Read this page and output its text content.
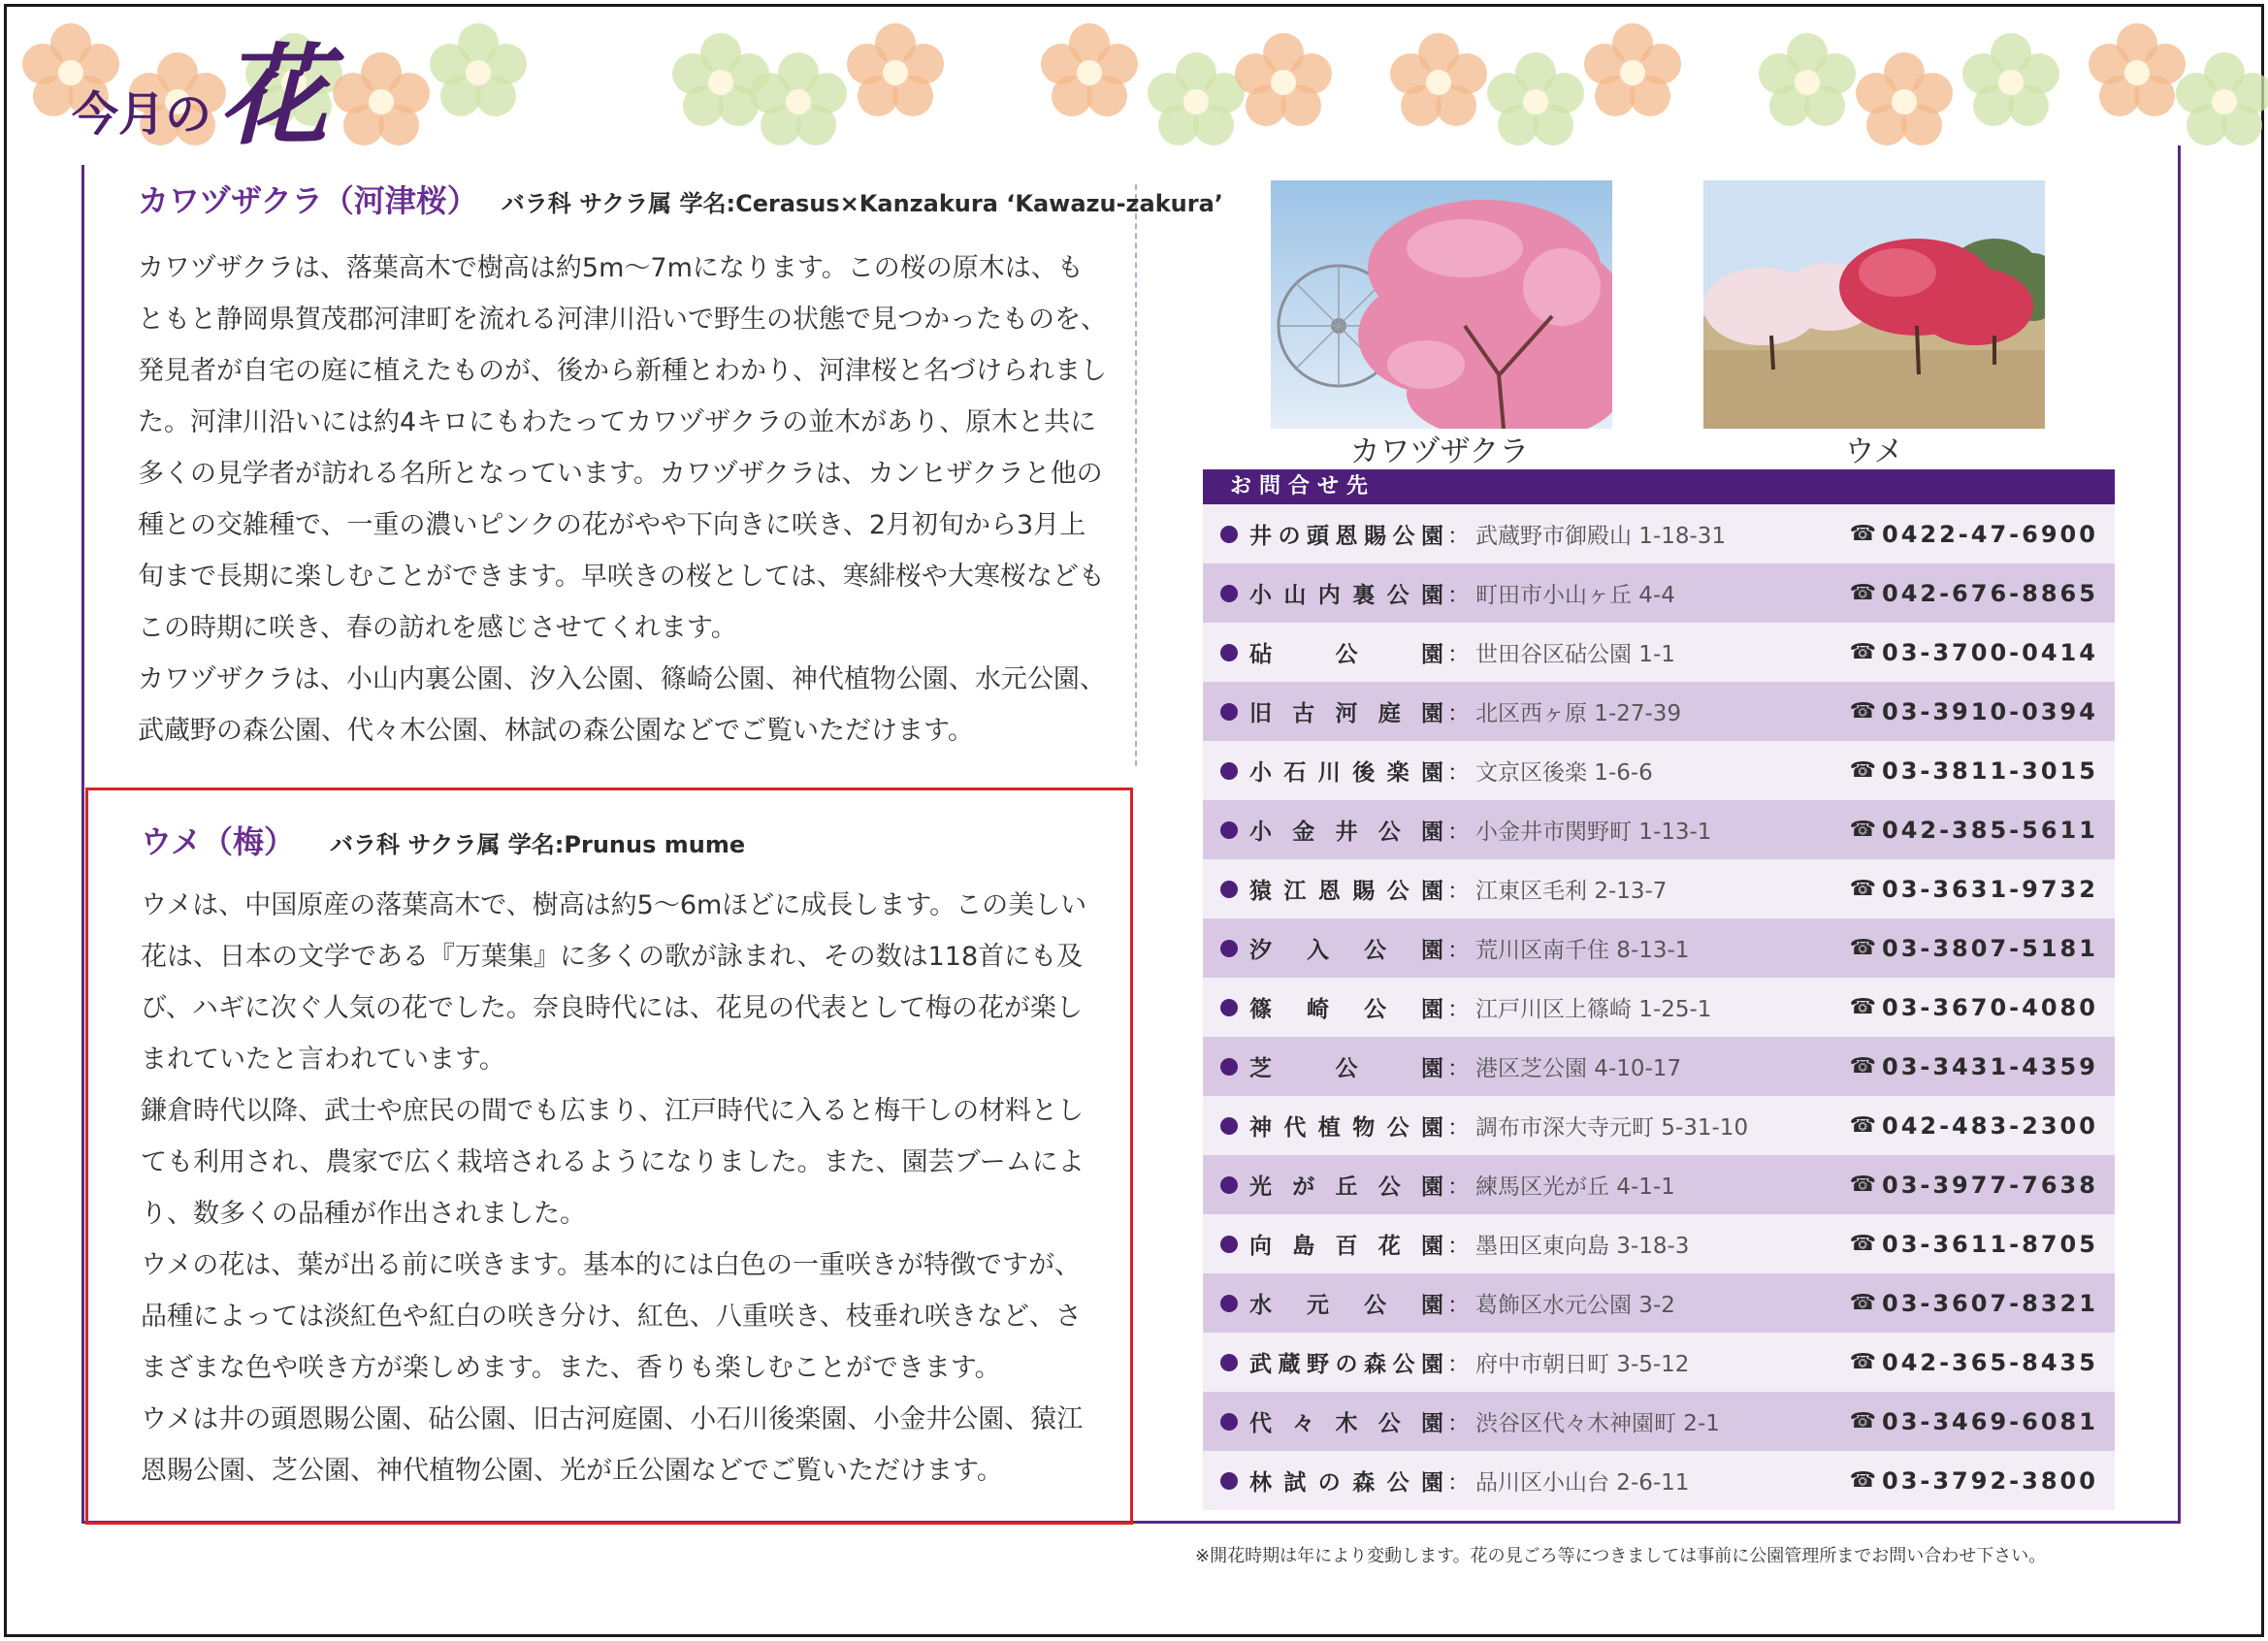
今月の 花
カワヅザクラ（河津桜） バラ科 サクラ属 学名:Cerasus×Kanzakura ‘Kawazu-zakura’

カワヅザクラは、落葉高木で樹高は約5m～7mになります。この桜の原木は、もともと静岡県賀茂郡河津町を流れる河津川沿いで野生の状態で見つかったものを、発見者が自宅の庭に植えたものが、後から新種とわかり、河津桜と名づけられました。河津川沿いには約4キロにもわたってカワヅザクラの並木があり、原木と共に多くの見学者が訪れる名所となっています。カワヅザクラは、カンヒザクラと他の種との交雑種で、一重の濃いピンクの花がやや下向きに咲き、2月初旬から3月上旬まで長期に楽しむことができます。早咲きの桜としては、寒緋桜や大寒桜などもこの時期に咲き、春の訪れを感じさせてくれます。

カワヅザクラは、小山内裏公園、汐入公園、篠崎公園、神代植物公園、水元公園、武蔵野の森公園、代々木公園、林試の森公園などでご覧いただけます。

ウメ（梅） バラ科 サクラ属 学名:Prunus mume

ウメは、中国原産の落葉高木で、樹高は約5～6mほどに成長します。この美しい花は、日本の文学である『万葉集』に多くの歌が詠まれ、その数は118首にも及び、ハギに次ぐ人気の花でした。奈良時代には、花見の代表として梅の花が楽しまれていたと言われています。

鎌倉時代以降、武士や庶民の間でも広まり、江戸時代に入ると梅干しの材料としても利用され、農家で広く栽培されるようになりました。また、園芸ブームにより、数多くの品種が作出されました。

ウメの花は、葉が出る前に咲きます。基本的には白色の一重咲きが特徴ですが、品種によっては淡紅色や紅白の咲き分け、紅色、八重咲き、枝垂れ咲きなど、さまざまな色や咲き方が楽しめます。また、香りも楽しむことができます。

ウメは井の頭恩賜公園、砧公園、旧古河庭園、小石川後楽園、小金井公園、猿江恩賜公園、芝公園、神代植物公園、光が丘公園などでご覧いただけます。

カワヅザクラ	ウメ
お問合せ先
井の頭恩賜公園 ： 武蔵野市御殿山 1-18-31	☎ 0422-47-6900
小山内裏公園 ： 町田市小山ヶ丘 4-4	☎ 042-676-8865
砧公園 ： 世田谷区砧公園 1-1	☎ 03-3700-0414
旧古河庭園 ： 北区西ヶ原 1-27-39	☎ 03-3910-0394
小石川後楽園 ： 文京区後楽 1-6-6	☎ 03-3811-3015
小金井公園 ： 小金井市関野町 1-13-1	☎ 042-385-5611
猿江恩賜公園 ： 江東区毛利 2-13-7	☎ 03-3631-9732
汐入公園 ： 荒川区南千住 8-13-1	☎ 03-3807-5181
篠崎公園 ： 江戸川区上篠崎 1-25-1	☎ 03-3670-4080
芝公園 ： 港区芝公園 4-10-17	☎ 03-3431-4359
神代植物公園 ： 調布市深大寺元町 5-31-10	☎ 042-483-2300
光が丘公園 ： 練馬区光が丘 4-1-1	☎ 03-3977-7638
向島百花園 ： 墨田区東向島 3-18-3	☎ 03-3611-8705
水元公園 ： 葛飾区水元公園 3-2	☎ 03-3607-8321
武蔵野の森公園 ： 府中市朝日町 3-5-12	☎ 042-365-8435
代々木公園 ： 渋谷区代々木神園町 2-1	☎ 03-3469-6081
林試の森公園 ： 品川区小山台 2-6-11	☎ 03-3792-3800
※開花時期は年により変動します。花の見ごろ等につきましては事前に公園管理所までお問い合わせ下さい。
